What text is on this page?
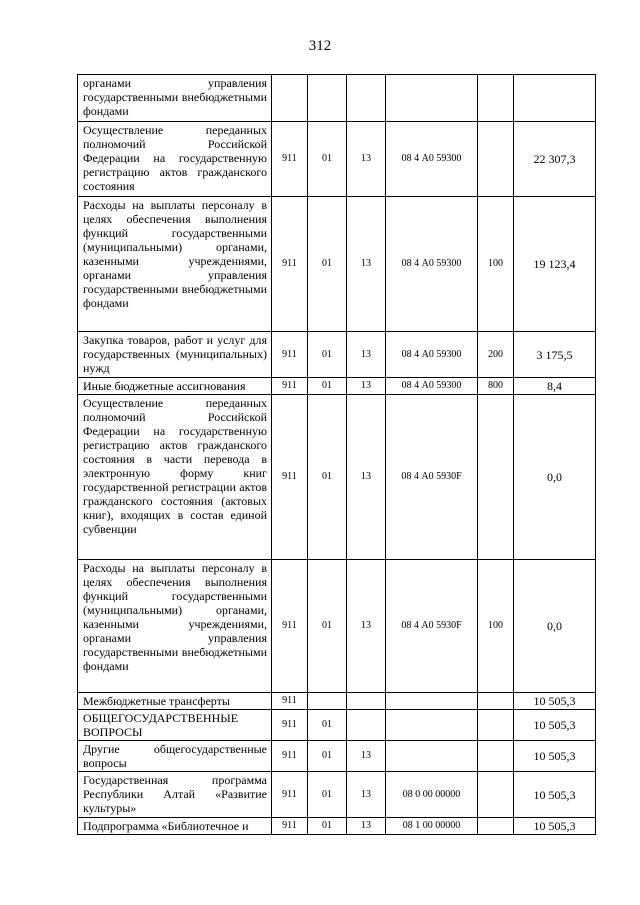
312
органами управления государственными внебюджетными фондами						
Осуществление переданных полномочий Российской Федерации на государственную регистрацию актов гражданского состояния	911	01	13	08 4 А0 59300		22 307,3
Расходы на выплаты персоналу в целях обеспечения выполнения функций государственными (муниципальными) органами, казенными учреждениями, органами управления государственными внебюджетными фондами	911	01	13	08 4 А0 59300	100	19 123,4
Закупка товаров, работ и услуг для государственных (муниципальных) нужд	911	01	13	08 4 А0 59300	200	3 175,5
Иные бюджетные ассигнования	911	01	13	08 4 А0 59300	800	8,4
Осуществление переданных полномочий Российской Федерации на государственную регистрацию актов гражданского состояния в части перевода в электронную форму книг государственной регистрации актов гражданского состояния (актовых книг), входящих в состав единой субвенции	911	01	13	08 4 А0 5930F		0,0
Расходы на выплаты персоналу в целях обеспечения выполнения функций государственными (муниципальными) органами, казенными учреждениями, органами управления государственными внебюджетными фондами	911	01	13	08 4 А0 5930F	100	0,0
Межбюджетные трансферты	911					10 505,3
ОБЩЕГОСУДАРСТВЕННЫЕ ВОПРОСЫ	911	01				10 505,3
Другие общегосударственные вопросы	911	01	13			10 505,3
Государственная программа Республики Алтай «Развитие культуры»	911	01	13	08 0 00 00000		10 505,3
Подпрограмма «Библиотечное и	911	01	13	08 1 00 00000		10 505,3
